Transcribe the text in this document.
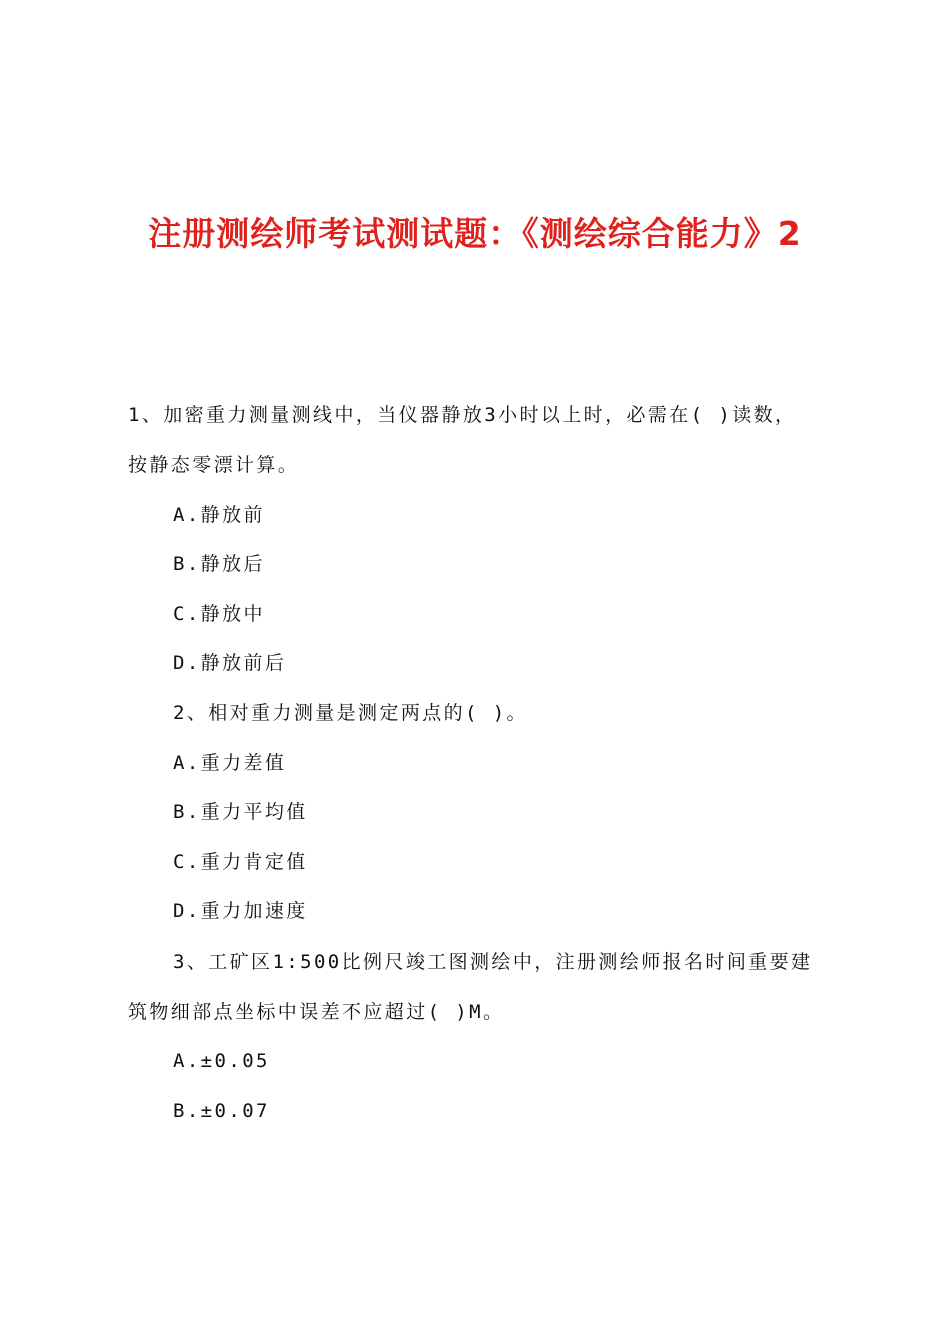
注册测绘师考试测试题：《测绘综合能力》2
1、加密重力测量测线中，当仪器静放3小时以上时，必需在( )读数，
按静态零漂计算。
A.静放前
B.静放后
C.静放中
D.静放前后
2、相对重力测量是测定两点的( )。
A.重力差值
B.重力平均值
C.重力肯定值
D.重力加速度
3、工矿区1:500比例尺竣工图测绘中，注册测绘师报名时间重要建
筑物细部点坐标中误差不应超过( )M。
A.±0.05
B.±0.07
